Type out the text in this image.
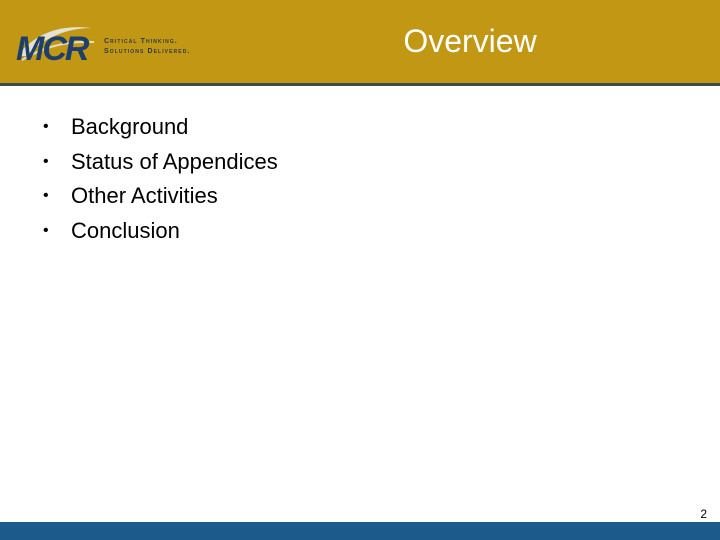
MCR	Critical Thinking.
Solutions Delivered.	Overview
• Background
• Status of Appendices
• Other Activities
• Conclusion
2
